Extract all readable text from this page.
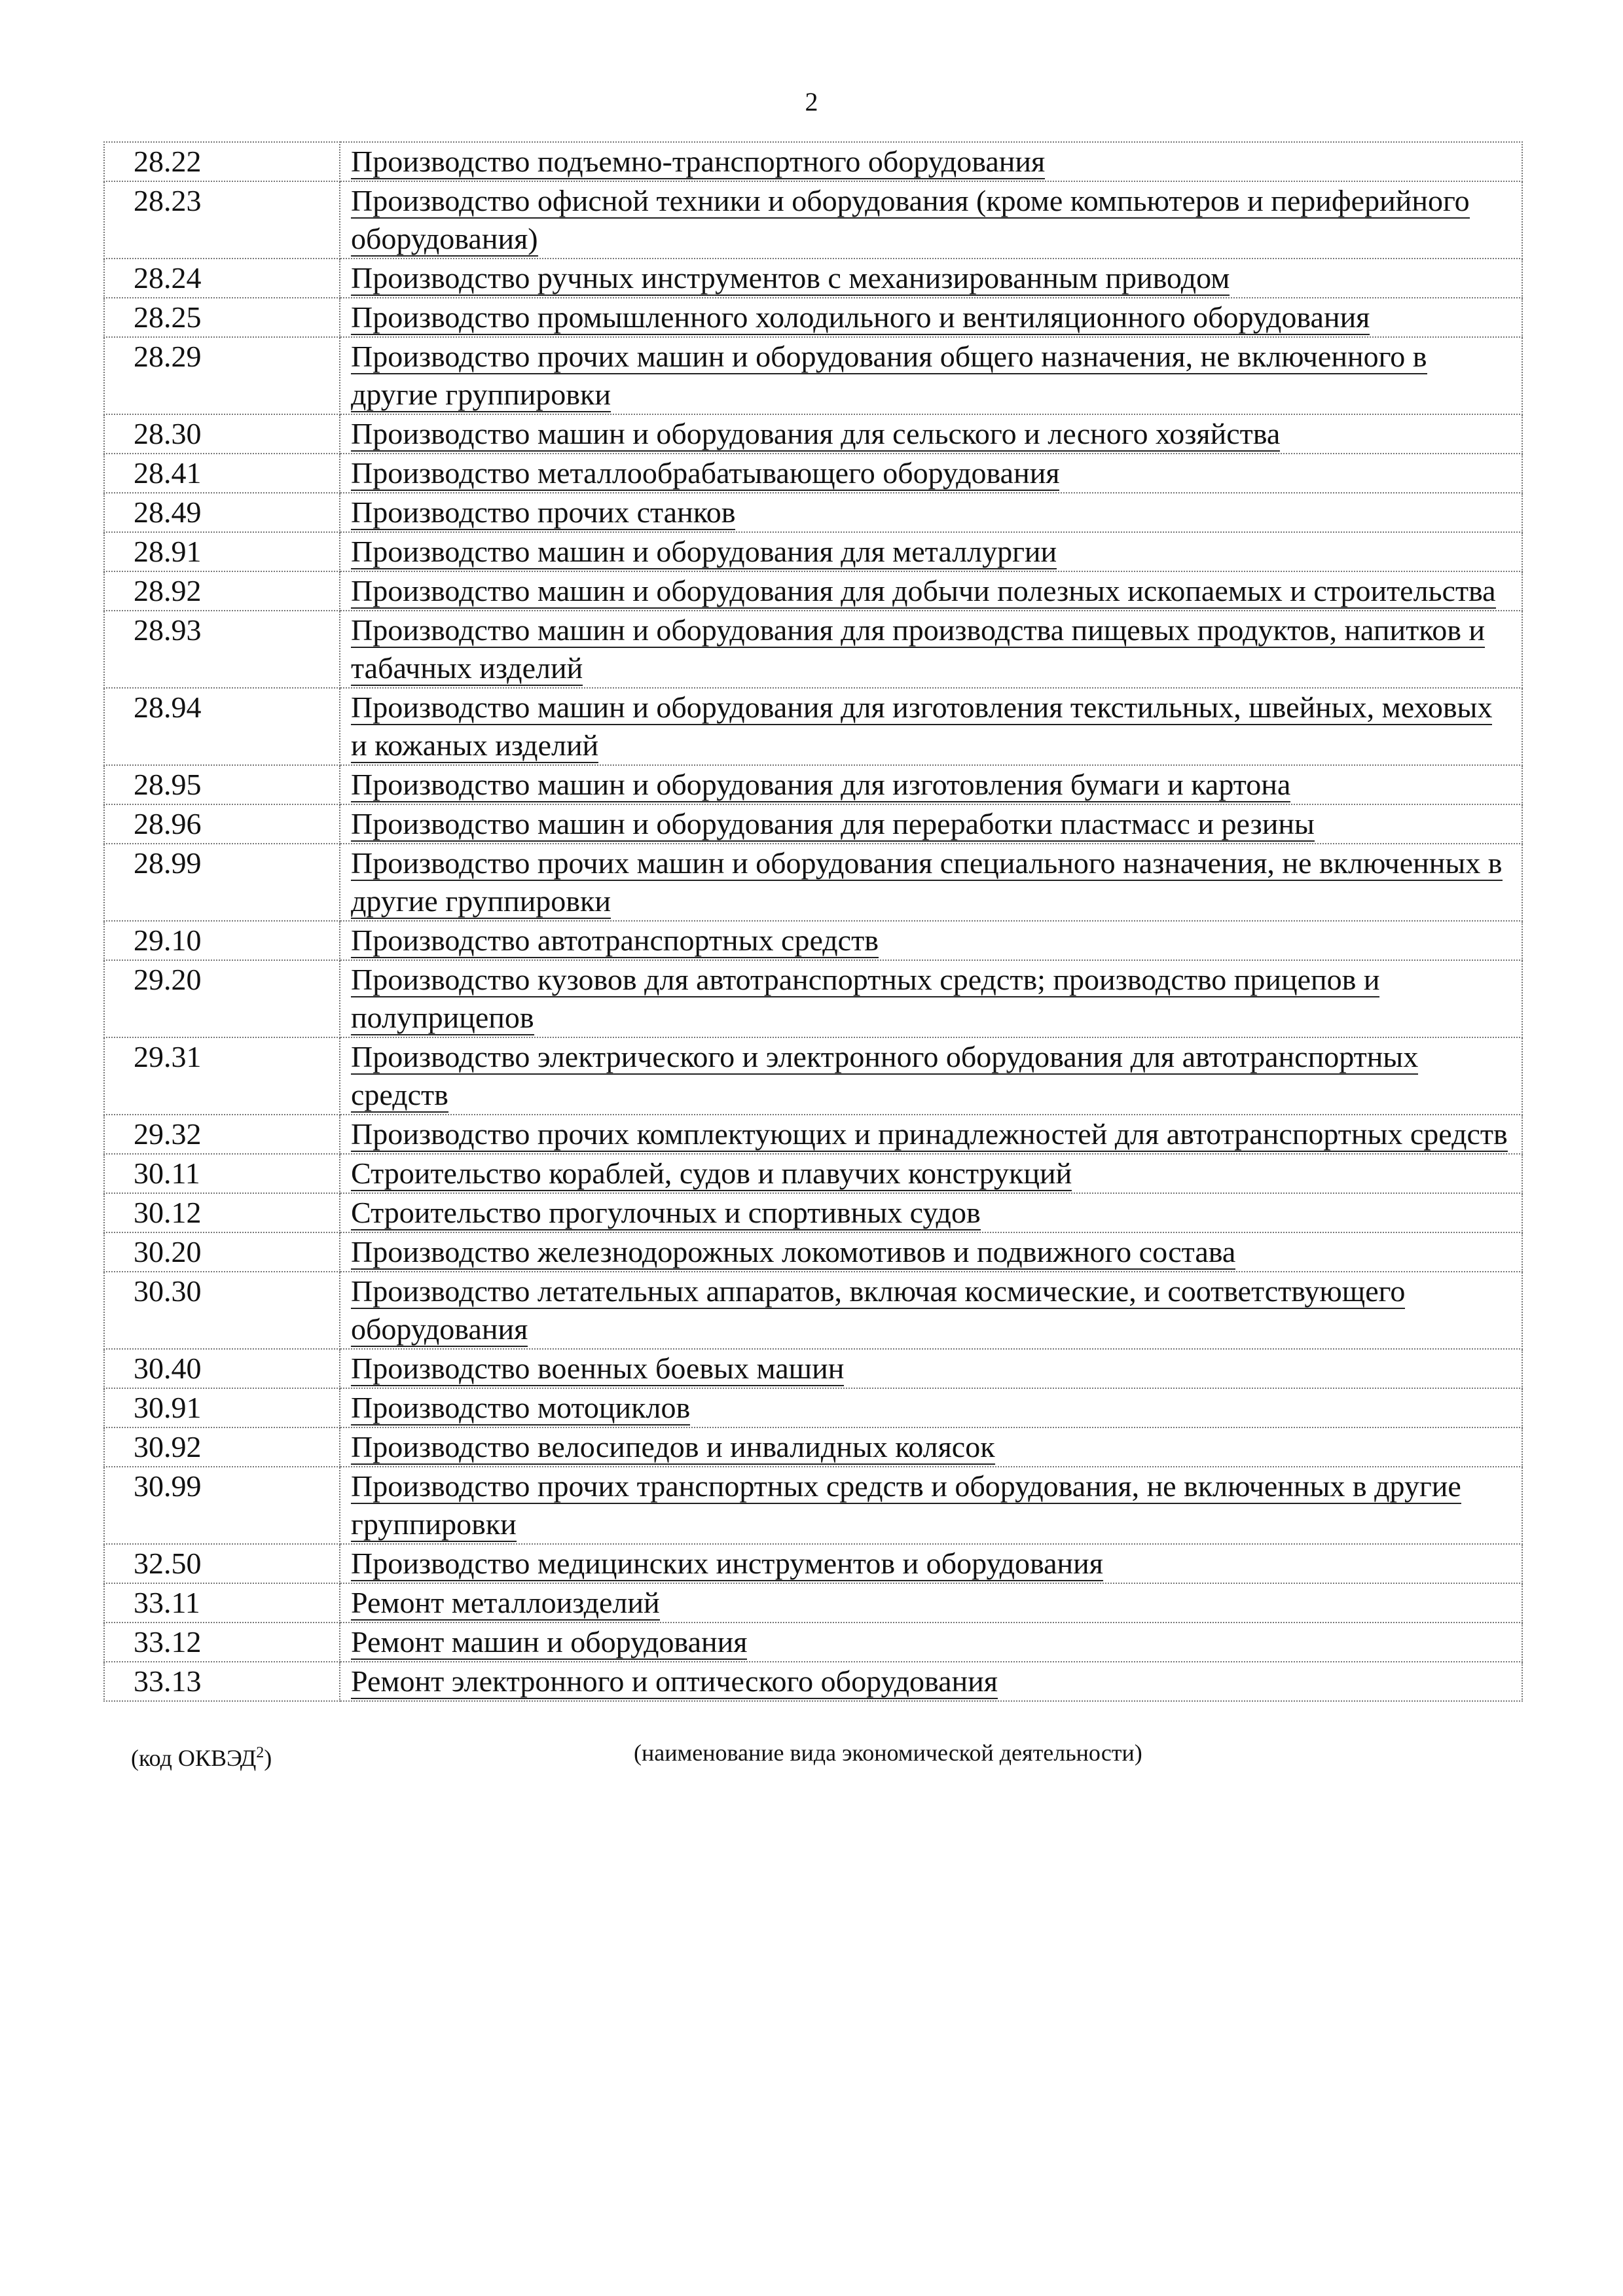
2
28.22	Производство подъемно-транспортного оборудования
28.23	Производство офисной техники и оборудования (кроме компьютеров и периферийного оборудования)
28.24	Производство ручных инструментов с механизированным приводом
28.25	Производство промышленного холодильного и вентиляционного оборудования
28.29	Производство прочих машин и оборудования общего назначения, не включенного в другие группировки
28.30	Производство машин и оборудования для сельского и лесного хозяйства
28.41	Производство металлообрабатывающего оборудования
28.49	Производство прочих станков
28.91	Производство машин и оборудования для металлургии
28.92	Производство машин и оборудования для добычи полезных ископаемых и строительства
28.93	Производство машин и оборудования для производства пищевых продуктов, напитков и табачных изделий
28.94	Производство машин и оборудования для изготовления текстильных, швейных, меховых и кожаных изделий
28.95	Производство машин и оборудования для изготовления бумаги и картона
28.96	Производство машин и оборудования для переработки пластмасс и резины
28.99	Производство прочих машин и оборудования специального назначения, не включенных в другие группировки
29.10	Производство автотранспортных средств
29.20	Производство кузовов для автотранспортных средств; производство прицепов и полуприцепов
29.31	Производство электрического и электронного оборудования для автотранспортных средств
29.32	Производство прочих комплектующих и принадлежностей для автотранспортных средств
30.11	Строительство кораблей, судов и плавучих конструкций
30.12	Строительство прогулочных и спортивных судов
30.20	Производство железнодорожных локомотивов и подвижного состава
30.30	Производство летательных аппаратов, включая космические, и соответствующего оборудования
30.40	Производство военных боевых машин
30.91	Производство мотоциклов
30.92	Производство велосипедов и инвалидных колясок
30.99	Производство прочих транспортных средств и оборудования, не включенных в другие группировки
32.50	Производство медицинских инструментов и оборудования
33.11	Ремонт металлоизделий
33.12	Ремонт машин и оборудования
33.13	Ремонт электронного и оптического оборудования
(код ОКВЭД$^2$)	(наименование вида экономической деятельности)
